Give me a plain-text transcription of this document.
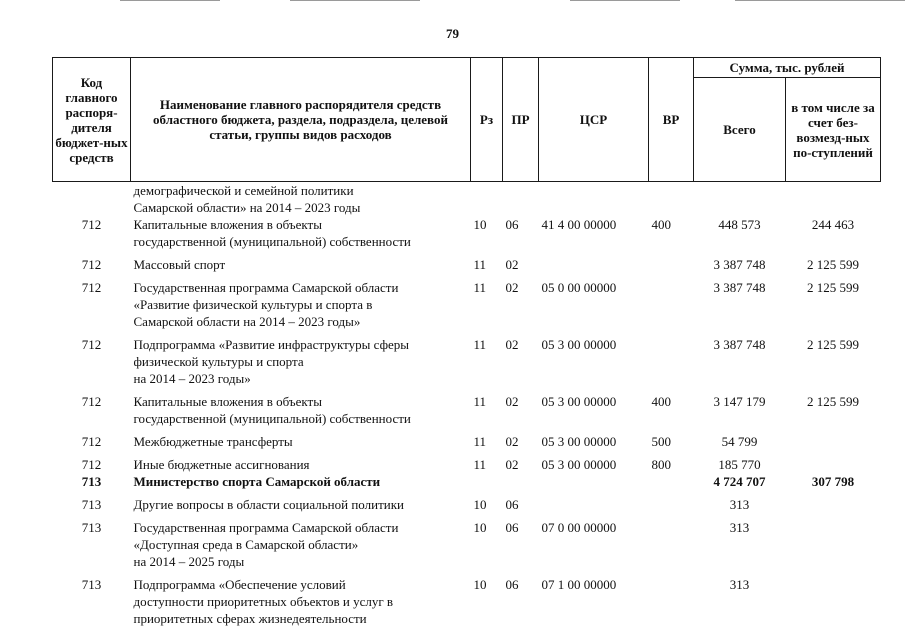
79
Код главного распоря-дителя бюджет-ных средств	Наименование главного распорядителя средств областного бюджета, раздела, подраздела, целевой статьи, группы видов расходов	Рз	ПР	ЦСР	ВР	Сумма, тыс. рублей	
						Всего	в том числе за счет без-возмезд-ных по-ступлений
	демографической и семейной политики
Самарской области» на 2014 – 2023 годы						
712	Капитальные вложения в объекты
государственной (муниципальной) собственности	10	06	41 4 00 00000	400	448 573	244 463
712	Массовый спорт	11	02			3 387 748	2 125 599
712	Государственная программа Самарской области
«Развитие физической культуры и спорта в
Самарской области на 2014 – 2023 годы»	11	02	05 0 00 00000		3 387 748	2 125 599
712	Подпрограмма «Развитие инфраструктуры сферы
физической культуры и спорта
на 2014 – 2023 годы»	11	02	05 3 00 00000		3 387 748	2 125 599
712	Капитальные вложения в объекты
государственной (муниципальной) собственности	11	02	05 3 00 00000	400	3 147 179	2 125 599
712	Межбюджетные трансферты	11	02	05 3 00 00000	500	54 799	
712	Иные бюджетные ассигнования	11	02	05 3 00 00000	800	185 770	
713	Министерство спорта Самарской области					4 724 707	307 798
713	Другие вопросы в области социальной политики	10	06			313	
713	Государственная программа Самарской области
«Доступная среда в Самарской области»
на 2014 – 2025 годы	10	06	07 0 00 00000		313	
713	Подпрограмма «Обеспечение условий
доступности приоритетных объектов и услуг в
приоритетных сферах жизнедеятельности	10	06	07 1 00 00000		313	
